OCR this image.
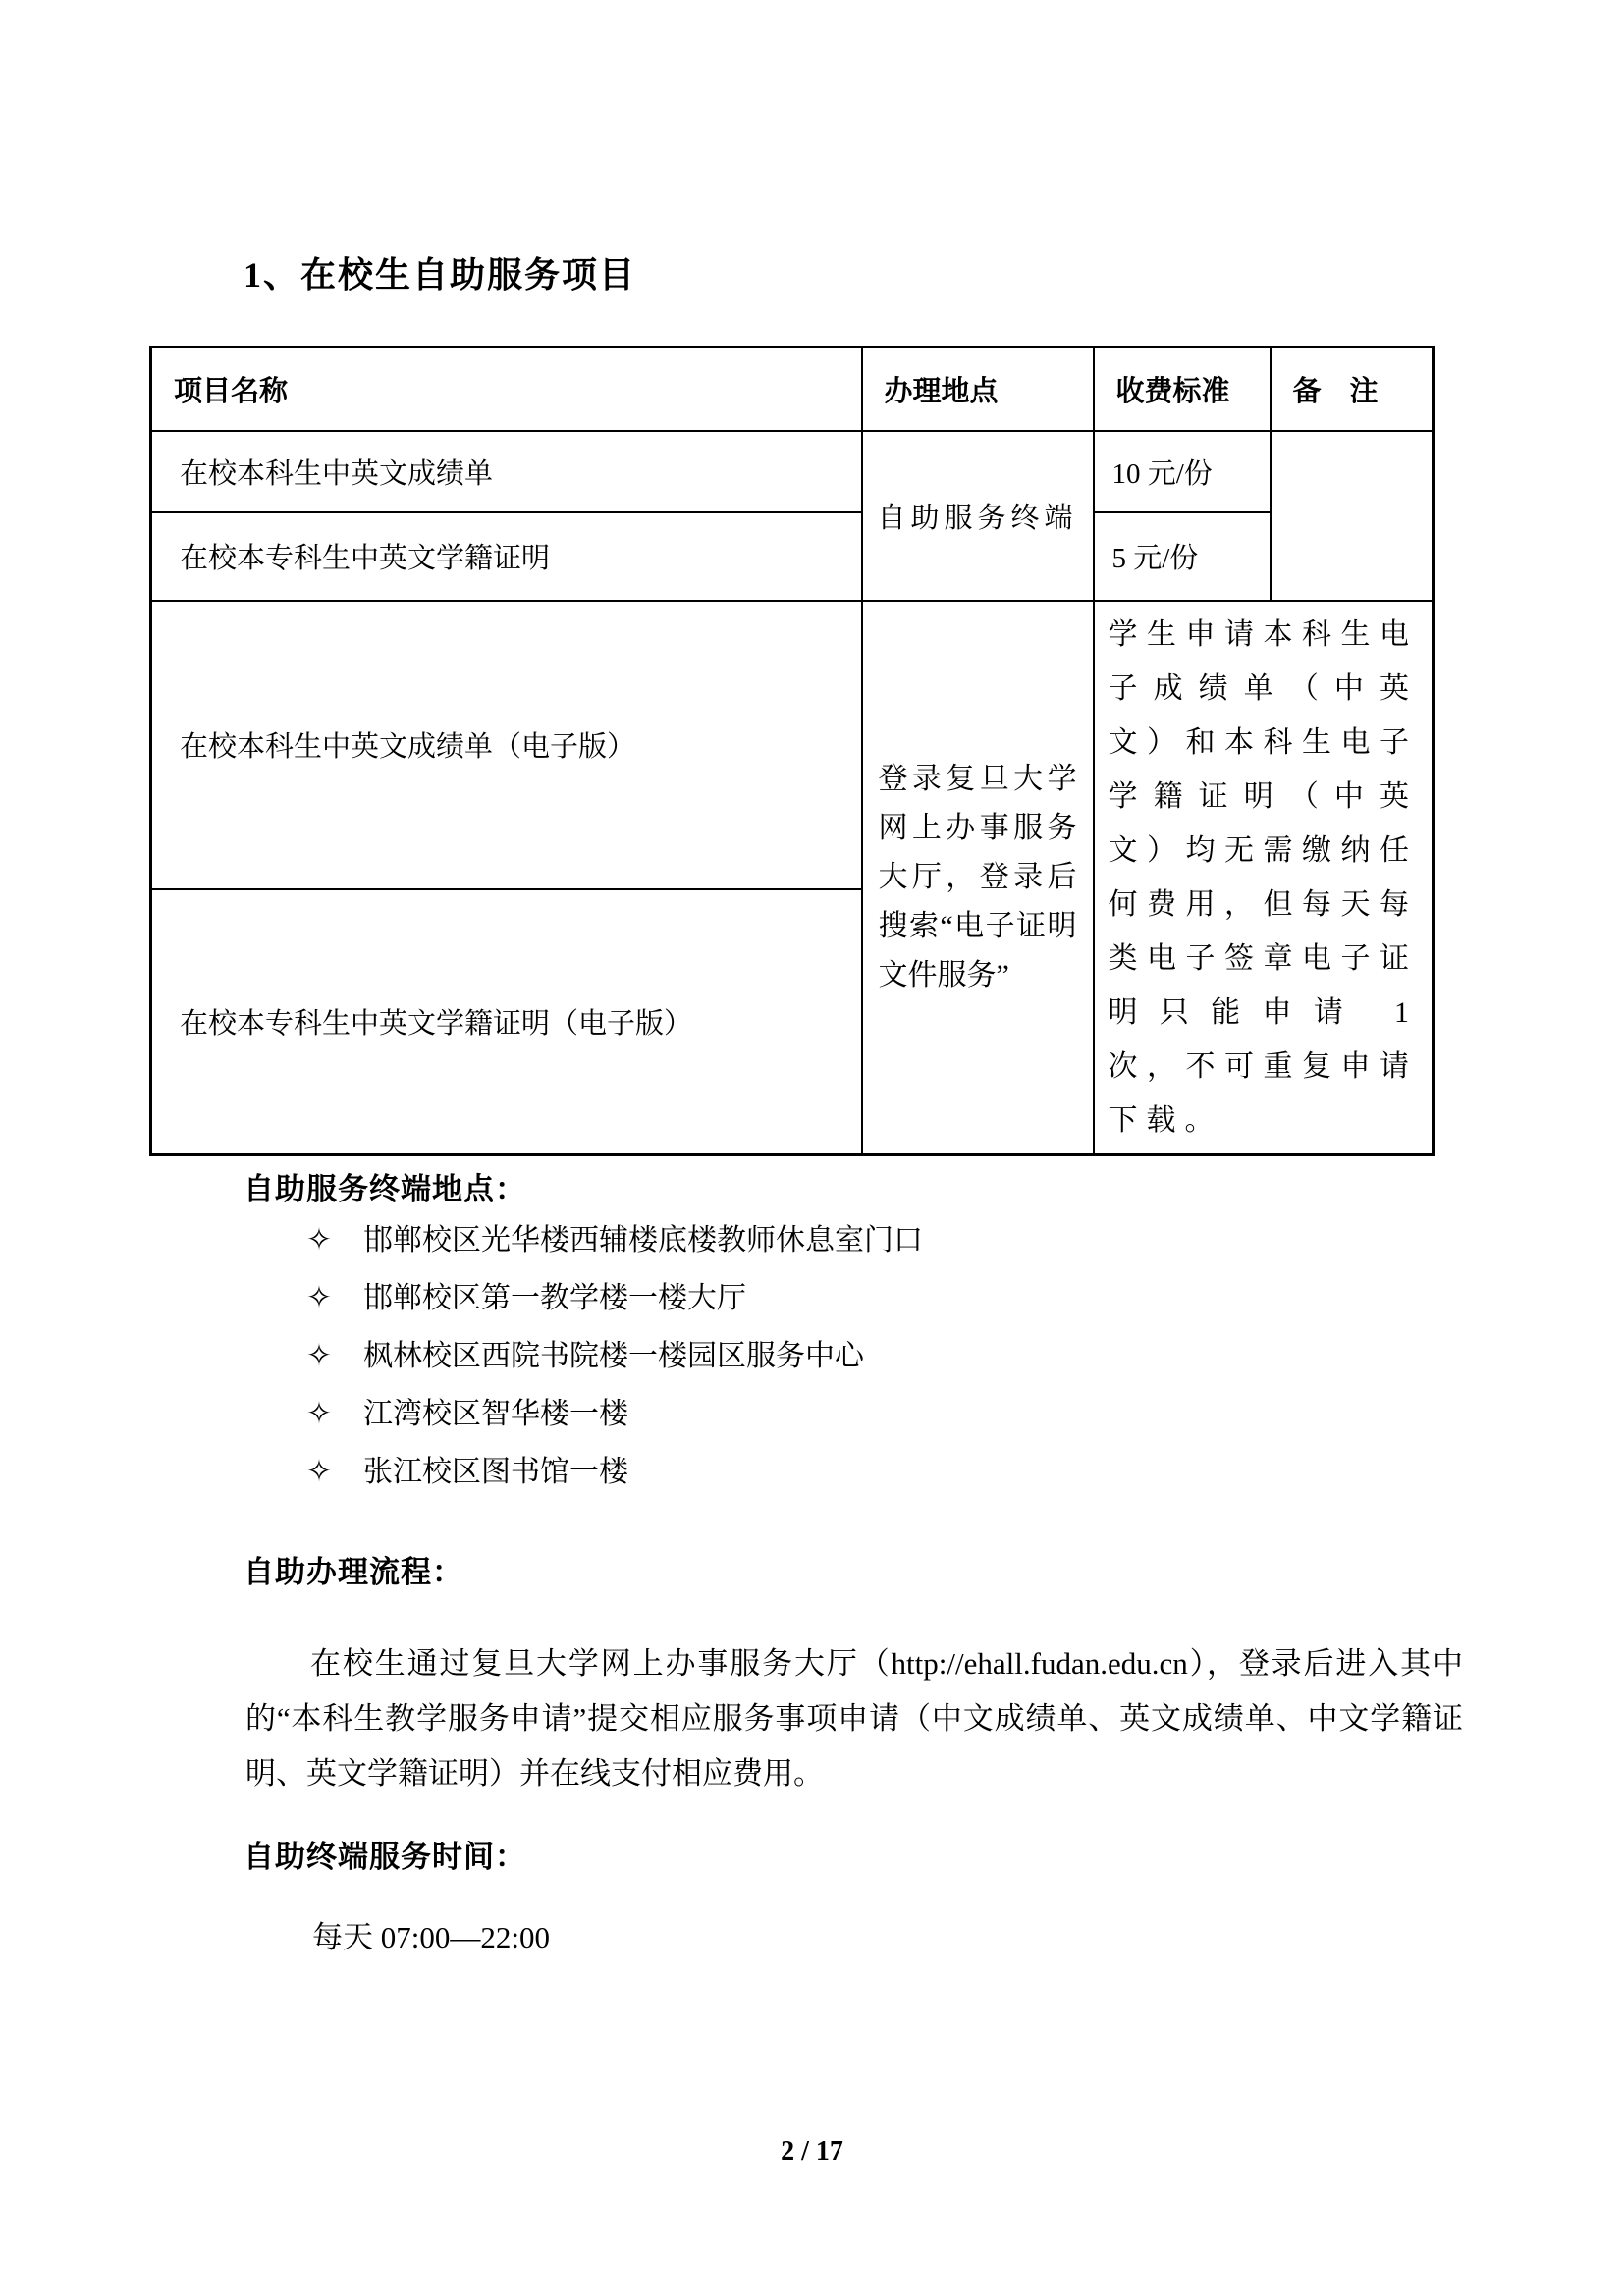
1、在校生自助服务项目
项目名称	办理地点	收费标准	备　注
在校本科生中英文成绩单	自助服务终端	10 元/份	
在校本专科生中英文学籍证明		5 元/份	
在校本科生中英文成绩单（电子版）	登录复旦大学网上办事服务大厅，登录后搜索“电子证明文件服务”	学生申请本科生电子成绩单（中英文）和本科生电子学籍证明（中英文）均无需缴纳任何费用，但每天每类电子签章电子证明只能申请 1 次，不可重复申请下载。	
在校本专科生中英文学籍证明（电子版）			
自助服务终端地点：
✧ 邯郸校区光华楼西辅楼底楼教师休息室门口
✧ 邯郸校区第一教学楼一楼大厅
✧ 枫林校区西院书院楼一楼园区服务中心
✧ 江湾校区智华楼一楼
✧ 张江校区图书馆一楼
自助办理流程：

在校生通过复旦大学网上办事服务大厅（http://ehall.fudan.edu.cn），登录后进入其中的“本科生教学服务申请”提交相应服务事项申请（中文成绩单、英文成绩单、中文学籍证明、英文学籍证明）并在线支付相应费用。

自助终端服务时间：
每天 07:00—22:00
2 / 17
